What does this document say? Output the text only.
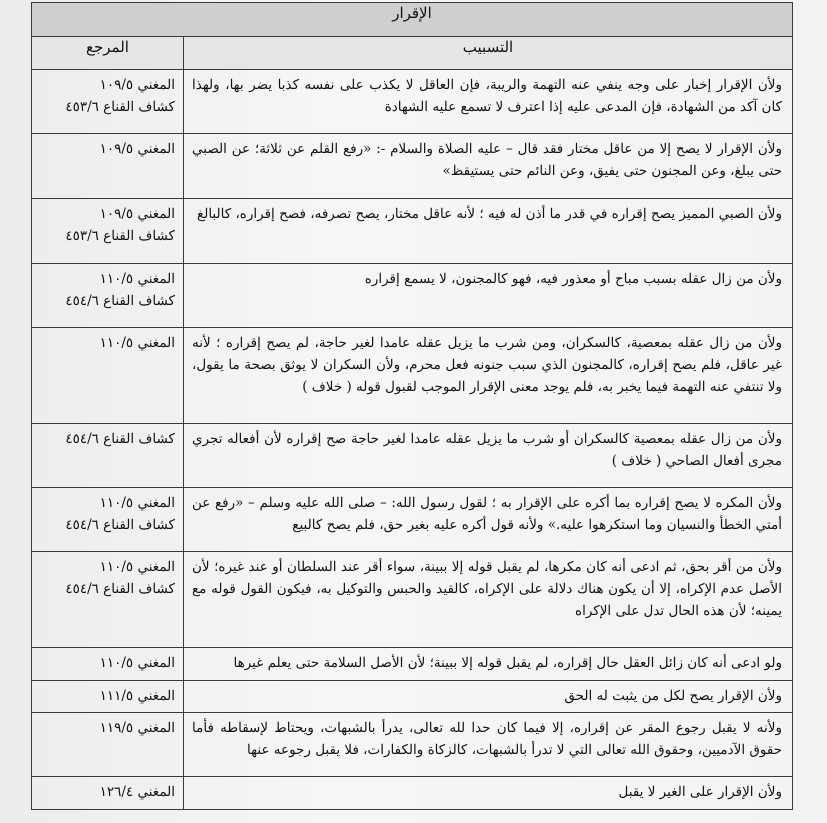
الإقرار	
التسبيب	المرجع
ولأن الإقرار إخبار على وجه ينفي عنه التهمة والريبة، فإن العاقل لا يكذب على نفسه كذبا يضر بها، ولهذا كان آكد من الشهادة، فإن المدعى عليه إذا اعترف لا تسمع عليه الشهادة	المغني ١٠٩/٥
كشاف القناع ٤٥٣/٦

ولأن الإقرار لا يصح إلا من عاقل مختار فقد قال – عليه الصلاة والسلام -: «رفع القلم عن ثلاثة؛ عن الصبي حتى يبلغ، وعن المجنون حتى يفيق، وعن النائم حتى يستيقظ»	المغني ١٠٩/٥

ولأن الصبي المميز يصح إقراره في قدر ما أذن له فيه ؛ لأنه عاقل مختار، يصح تصرفه، فصح إقراره، كالبالغ	المغني ١٠٩/٥
كشاف القناع ٤٥٣/٦

ولأن من زال عقله بسبب مباح أو معذور فيه، فهو كالمجنون، لا يسمع إقراره	المغني ١١٠/٥
كشاف القناع ٤٥٤/٦

ولأن من زال عقله بمعصية، كالسكران، ومن شرب ما يزيل عقله عامدا لغير حاجة، لم يصح إقراره ؛ لأنه غير عاقل، فلم يصح إقراره، كالمجنون الذي سبب جنونه فعل محرم، ولأن السكران لا يوثق بصحة ما يقول، ولا تنتفي عنه التهمة فيما يخبر به، فلم يوجد معنى الإقرار الموجب لقبول قوله ( خلاف )	المغني ١١٠/٥

ولأن من زال عقله بمعصية كالسكران أو شرب ما يزيل عقله عامدا لغير حاجة صح إقراره لأن أفعاله تجري مجرى أفعال الصاحي ( خلاف )	كشاف القناع ٤٥٤/٦

ولأن المكره لا يصح إقراره بما أكره على الإقرار به ؛ لقول رسول الله: – صلى الله عليه وسلم – «رفع عن أمتي الخطأ والنسيان وما استكرهوا عليه.» ولأنه قول أكره عليه بغير حق، فلم يصح كالبيع	المغني ١١٠/٥
كشاف القناع ٤٥٤/٦

ولأن من أقر بحق، ثم ادعى أنه كان مكرها، لم يقبل قوله إلا ببينة، سواء أقر عند السلطان أو عند غيره؛ لأن الأصل عدم الإكراه، إلا أن يكون هناك دلالة على الإكراه، كالقيد والحبس والتوكيل به، فيكون القول قوله مع يمينه؛ لأن هذه الحال تدل على الإكراه	المغني ١١٠/٥
كشاف القناع ٤٥٤/٦

ولو ادعى أنه كان زائل العقل حال إقراره، لم يقبل قوله إلا ببينة؛ لأن الأصل السلامة حتى يعلم غيرها	المغني ١١٠/٥

ولأن الإقرار يصح لكل من يثبت له الحق	المغني ١١١/٥

ولأنه لا يقبل رجوع المقر عن إقراره، إلا فيما كان حدا لله تعالى، يدرأ بالشبهات، ويحتاط لإسقاطه فأما حقوق الآدميين، وحقوق الله تعالى التي لا تدرأ بالشبهات، كالزكاة والكفارات، فلا يقبل رجوعه عنها	المغني ١١٩/٥

ولأن الإقرار على الغير لا يقبل	المغني ١٢٦/٤
